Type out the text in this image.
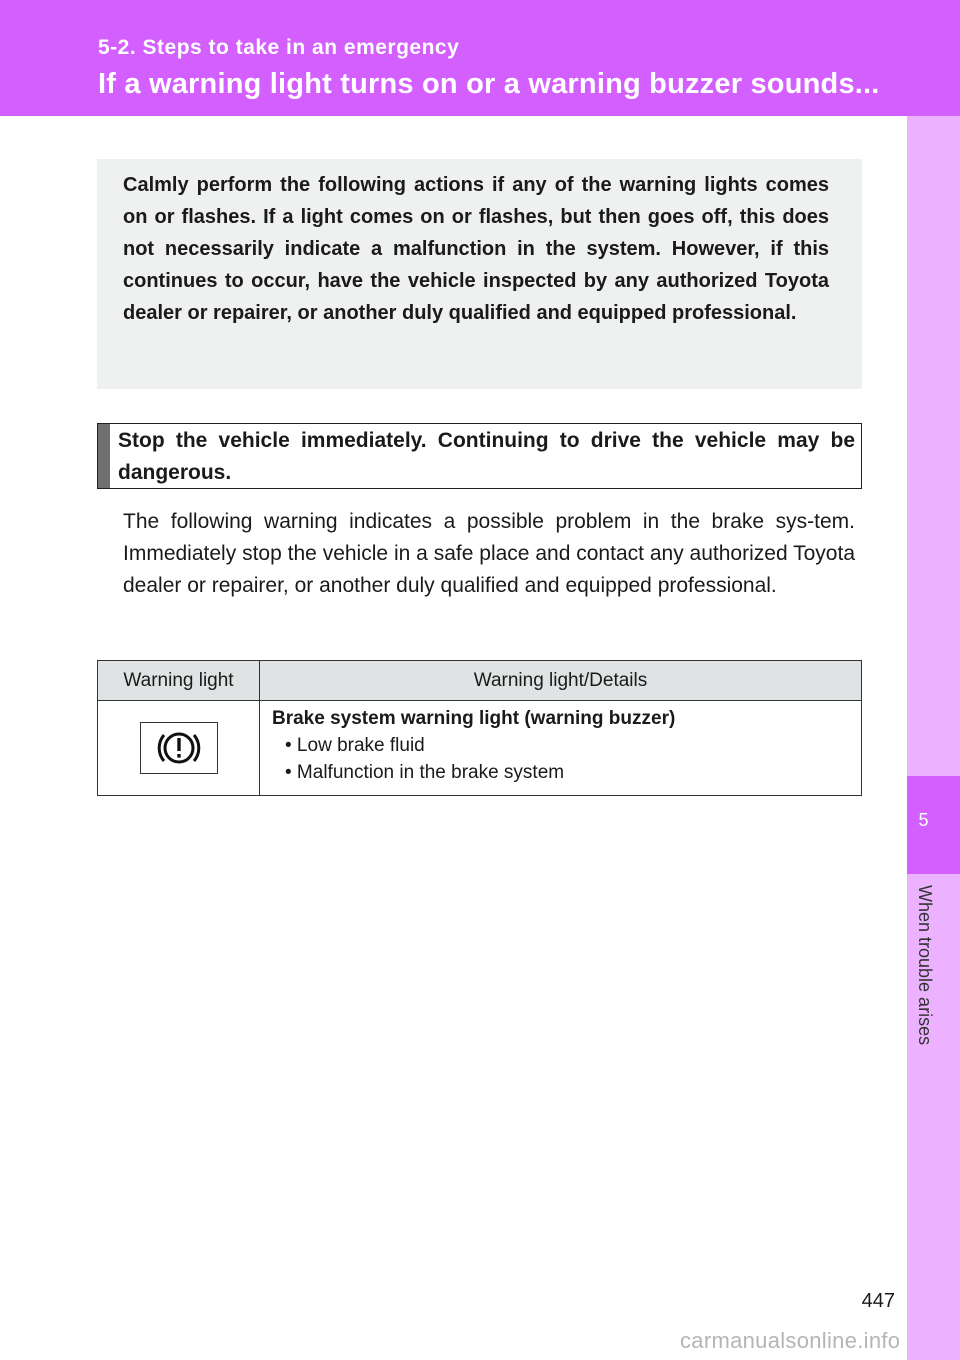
5-2. Steps to take in an emergency
If a warning light turns on or a warning buzzer sounds...
5
When trouble arises
Calmly perform the following actions if any of the warning lights comes on or flashes. If a light comes on or flashes, but then goes off, this does not necessarily indicate a malfunction in the system. However, if this continues to occur, have the vehicle inspected by any authorized Toyota dealer or repairer, or another duly qualified and equipped professional.
Stop the vehicle immediately. Continuing to drive the vehicle may be dangerous.
The following warning indicates a possible problem in the brake sys-tem. Immediately stop the vehicle in a safe place and contact any authorized Toyota dealer or repairer, or another duly qualified and equipped professional.
Warning light	Warning light/Details

Brake system warning light (warning buzzer)
• Low brake fluid
• Malfunction in the brake system
447
carmanualsonline.info
